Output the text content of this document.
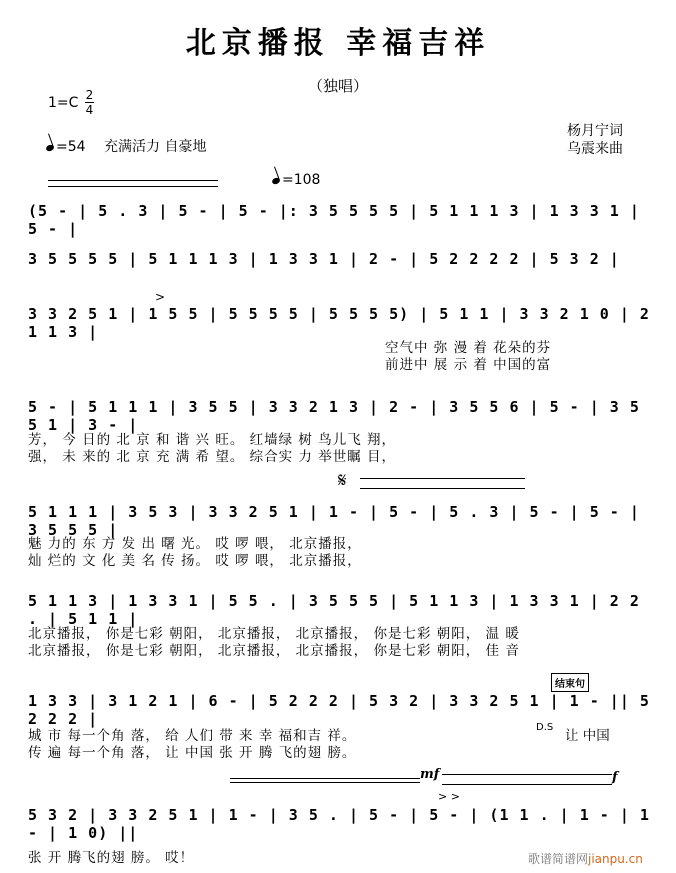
北京播报 幸福吉祥
（独唱）
1=C 2
4
=54 充满活力 自豪地
杨月宁词
乌震来曲
=108
(5 - | 5 . 3 | 5 - | 5 - |: 3 5 5 5 5 | 5 1 1 1 3 | 1 3 3 1 | 5 - |
3 5 5 5 5 | 5 1 1 1 3 | 1 3 3 1 | 2 - | 5 2 2 2 2 | 5 3 2 |
>
3 3 2 5 1 | 1 5 5 | 5 5 5 5 | 5 5 5 5) | 5 1 1 | 3 3 2 1 0 | 2 1 1 3 |
空气中 弥 漫 着 花朵的芬
前进中 展 示 着 中国的富
5 - | 5 1 1 1 | 3 5 5 | 3 3 2 1 3 | 2 - | 3 5 5 6 | 5 - | 3 5 5 1 | 3 - |
芳， 今 日的 北 京 和 谐 兴 旺。 红墙绿 树 鸟儿飞 翔，
强， 未 来的 北 京 充 满 希 望。 综合实 力 举世瞩 目，
𝄋
5 1 1 1 | 3 5 3 | 3 3 2 5 1 | 1 - | 5 - | 5 . 3 | 5 - | 5 - | 3 5 5 5 |
魅 力的 东 方 发 出 曙 光。 哎 啰 喂， 北京播报，
灿 烂的 文 化 美 名 传 扬。 哎 啰 喂， 北京播报，
5 1 1 3 | 1 3 3 1 | 5 5 . | 3 5 5 5 | 5 1 1 3 | 1 3 3 1 | 2 2 . | 5 1 1 |
北京播报， 你是七彩 朝阳， 北京播报， 北京播报， 你是七彩 朝阳， 温 暖
北京播报， 你是七彩 朝阳， 北京播报， 北京播报， 你是七彩 朝阳， 佳 音
结束句
1 3 3 | 3 1 2 1 | 6 - | 5 2 2 2 | 5 3 2 | 3 3 2 5 1 | 1 - || 5 2 2 2 |
城 市 每一个角 落， 给 人们 带 来 幸 福和吉 祥。
传 遍 每一个角 落， 让 中国 张 开 腾 飞的翅 膀。
D.S
让 中国
mf	f
> >
5 3 2 | 3 3 2 5 1 | 1 - | 3 5 . | 5 - | 5 - | (1 1 . | 1 - | 1 - | 1 0) ||
张 开 腾飞的翅 膀。 哎！	歌谱简谱网jianpu.cn
